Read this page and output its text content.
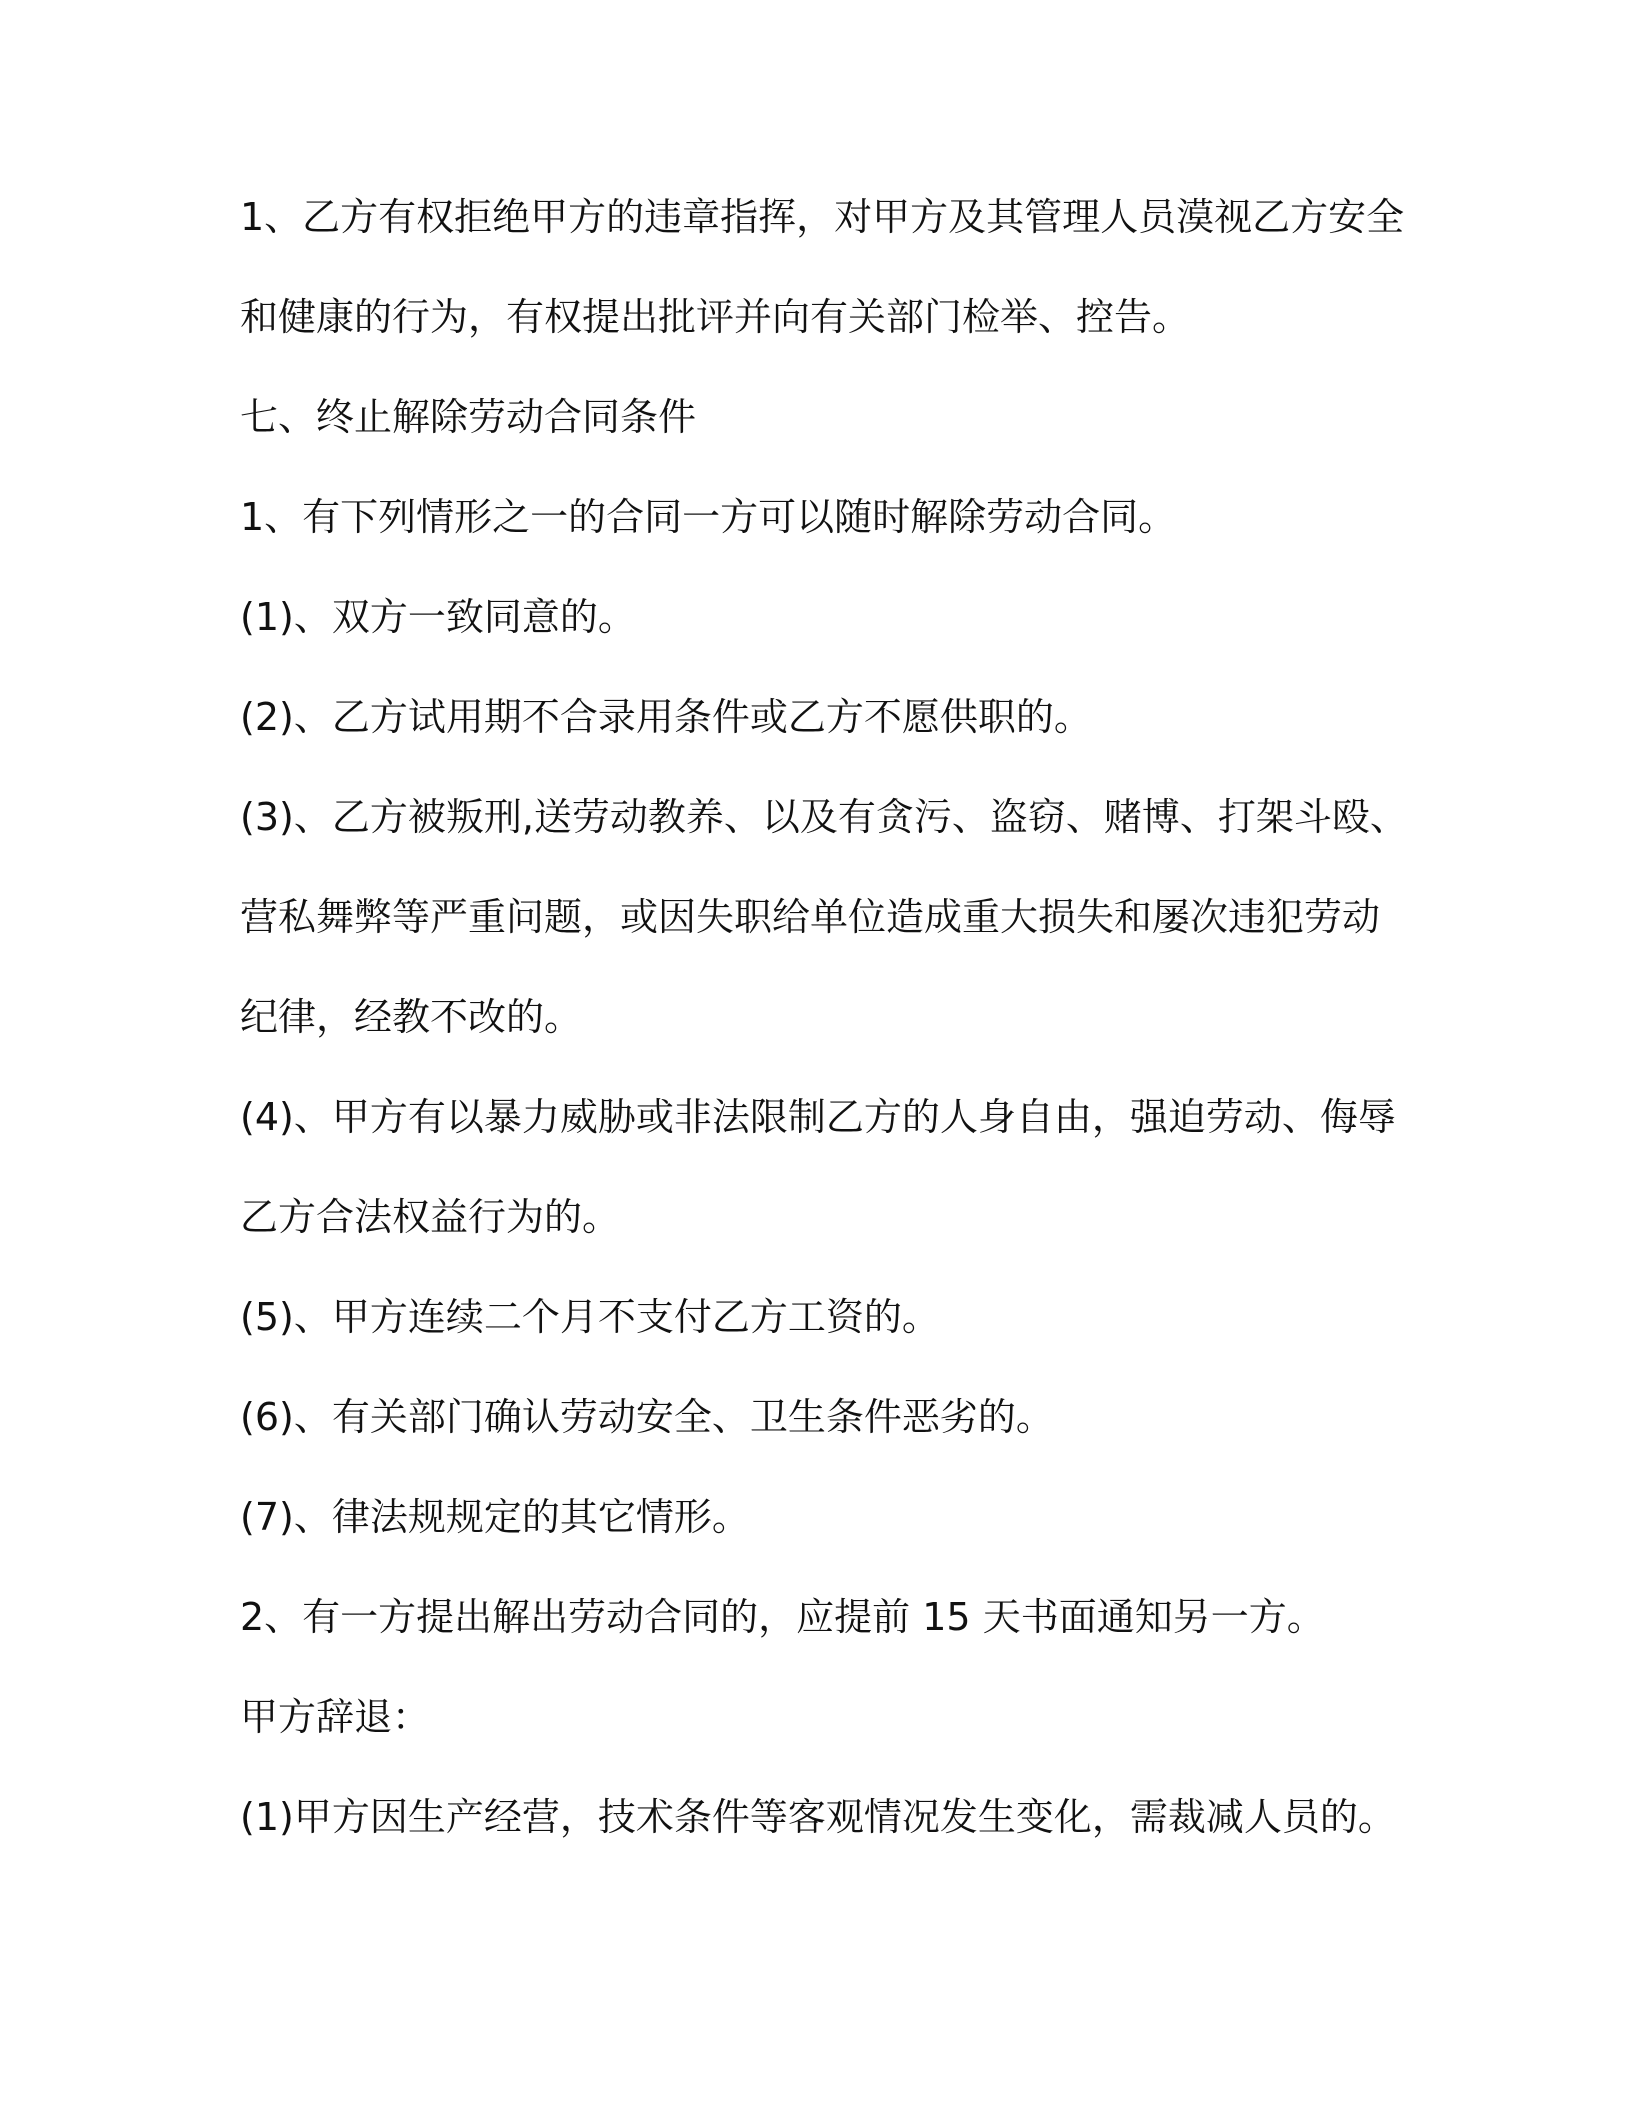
1、乙方有权拒绝甲方的违章指挥，对甲方及其管理人员漠视乙方安全
和健康的行为，有权提出批评并向有关部门检举、控告。
七、终止解除劳动合同条件
1、有下列情形之一的合同一方可以随时解除劳动合同。
(1)、双方一致同意的。
(2)、乙方试用期不合录用条件或乙方不愿供职的。
(3)、乙方被叛刑,送劳动教养、以及有贪污、盗窃、赌博、打架斗殴、
营私舞弊等严重问题，或因失职给单位造成重大损失和屡次违犯劳动
纪律，经教不改的。
(4)、甲方有以暴力威胁或非法限制乙方的人身自由，强迫劳动、侮辱
乙方合法权益行为的。
(5)、甲方连续二个月不支付乙方工资的。
(6)、有关部门确认劳动安全、卫生条件恶劣的。
(7)、律法规规定的其它情形。
2、有一方提出解出劳动合同的，应提前 15 天书面通知另一方。
甲方辞退：
(1)甲方因生产经营，技术条件等客观情况发生变化，需裁减人员的。
